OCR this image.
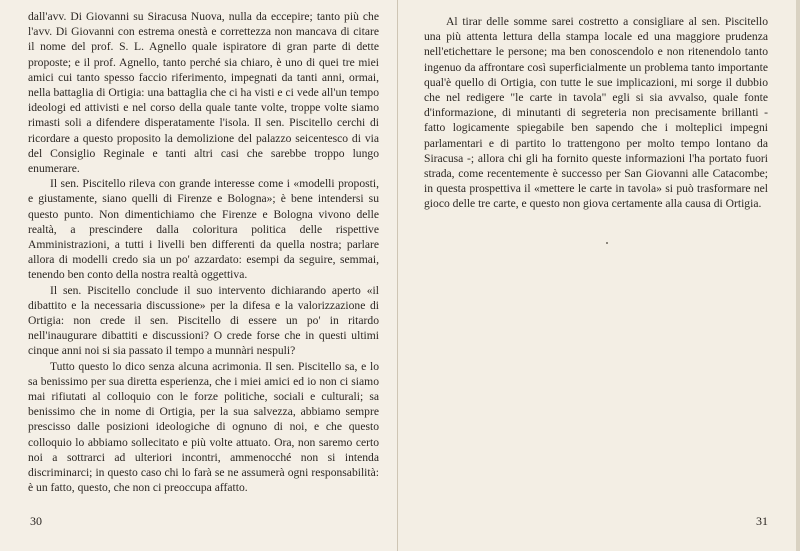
dall'avv. Di Giovanni su Siracusa Nuova, nulla da eccepire; tanto più che l'avv. Di Giovanni con estrema onestà e correttezza non mancava di citare il nome del prof. S. L. Agnello quale ispiratore di gran parte di dette proposte; e il prof. Agnello, tanto perché sia chiaro, è uno di quei tre miei amici cui tanto spesso faccio riferimento, impegnati da tanti anni, ormai, nella battaglia di Ortigia: una battaglia che ci ha visti e ci vede all'un tempo ideologi ed attivisti e nel corso della quale tante volte, troppe volte siamo rimasti soli a difendere disperatamente l'isola. Il sen. Piscitello cerchi di ricordare a questo proposito la demolizione del palazzo seicentesco di via del Consiglio Reginale e tanti altri casi che sarebbe troppo lungo enumerare.

Il sen. Piscitello rileva con grande interesse come i «modelli proposti, e giustamente, siano quelli di Firenze e Bologna»; è bene intendersi su questo punto. Non dimentichiamo che Firenze e Bologna vivono delle realtà, a prescindere dalla coloritura politica delle rispettive Amministrazioni, a tutti i livelli ben differenti da quella nostra; parlare allora di modelli credo sia un po' azzardato: esempi da seguire, semmai, tenendo ben conto della nostra realtà oggettiva.

Il sen. Piscitello conclude il suo intervento dichiarando aperto «il dibattito e la necessaria discussione» per la difesa e la valorizzazione di Ortigia: non crede il sen. Piscitello di essere un po' in ritardo nell'inaugurare dibattiti e discussioni? O crede forse che in questi ultimi cinque anni noi si sia passato il tempo a munnàri nespuli?

Tutto questo lo dico senza alcuna acrimonia. Il sen. Piscitello sa, e lo sa benissimo per sua diretta esperienza, che i miei amici ed io non ci siamo mai rifiutati al colloquio con le forze politiche, sociali e culturali; sa benissimo che in nome di Ortigia, per la sua salvezza, abbiamo sempre prescisso dalle posizioni ideologiche di ognuno di noi, e che questo colloquio lo abbiamo sollecitato e più volte attuato. Ora, non saremo certo noi a sottrarci ad ulteriori incontri, ammenocché non si intenda discriminarci; in questo caso chi lo farà se ne assumerà ogni responsabilità: è un fatto, questo, che non ci preoccupa affatto.

30

Al tirar delle somme sarei costretto a consigliare al sen. Piscitello una più attenta lettura della stampa locale ed una maggiore prudenza nell'etichettare le persone; ma ben conoscendolo e non ritenendolo tanto ingenuo da affrontare così superficialmente un problema tanto importante qual'è quello di Ortigia, con tutte le sue implicazioni, mi sorge il dubbio che nel redigere "le carte in tavola" egli si sia avvalso, quale fonte d'informazione, di minutanti di segreteria non precisamente brillanti - fatto logicamente spiegabile ben sapendo che i molteplici impegni parlamentari e di partito lo trattengono per molto tempo lontano da Siracusa -; allora chi gli ha fornito queste informazioni l'ha portato fuori strada, come recentemente è successo per San Giovanni alle Catacombe; in questa prospettiva il «mettere le carte in tavola» si può trasformare nel gioco delle tre carte, e questo non giova certamente alla causa di Ortigia.

31
